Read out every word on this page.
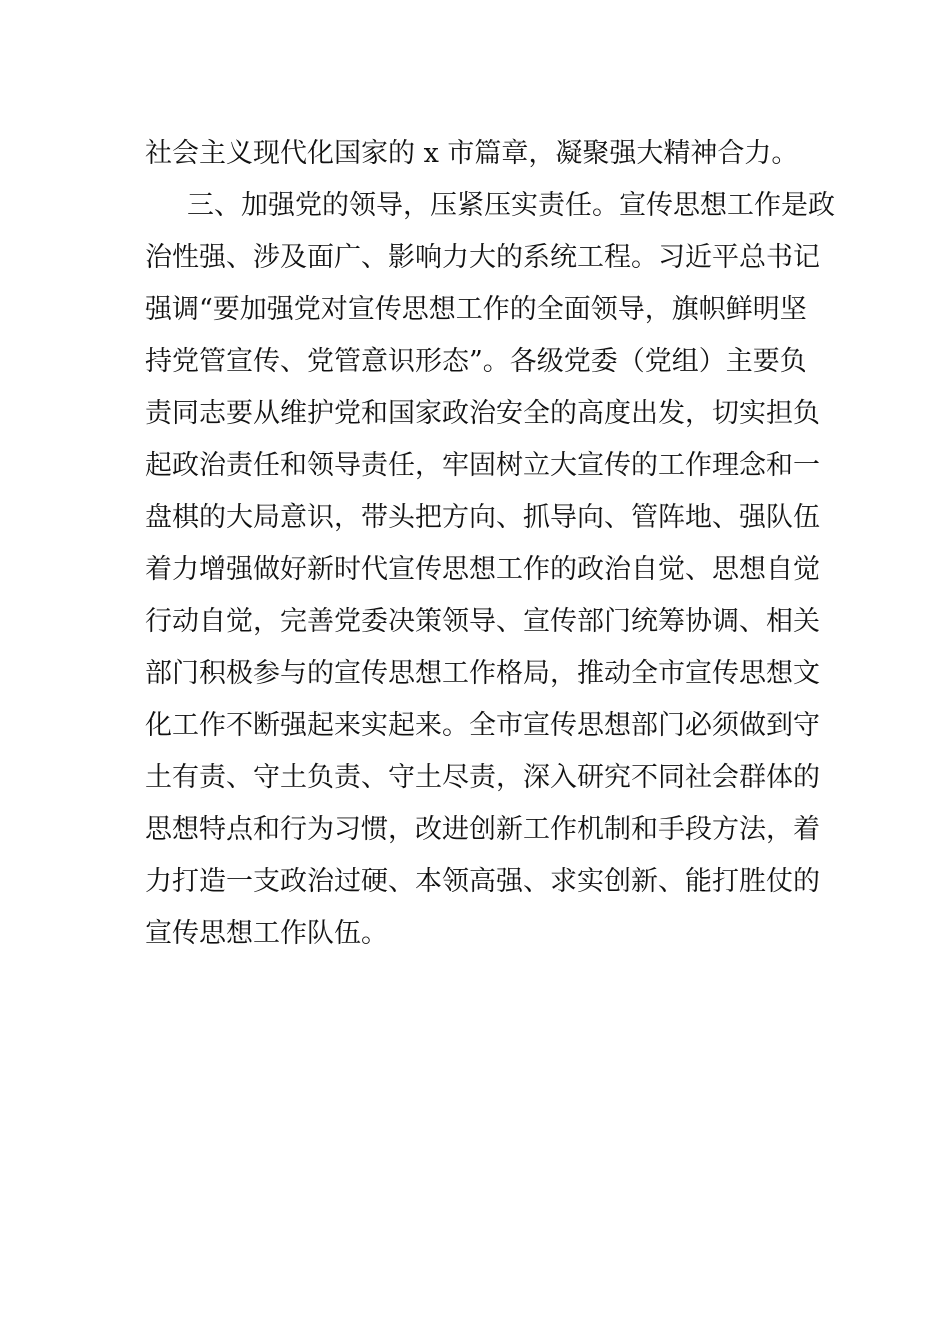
社会主义现代化国家的 x 市篇章，凝聚强大精神合力。
三、加强党的领导，压紧压实责任。宣传思想工作是政
治性强、涉及面广、影响力大的系统工程。习近平总书记
强调“要加强党对宣传思想工作的全面领导，旗帜鲜明坚
持党管宣传、党管意识形态”。各级党委（党组）主要负
责同志要从维护党和国家政治安全的高度出发，切实担负
起政治责任和领导责任，牢固树立大宣传的工作理念和一
盘棋的大局意识，带头把方向、抓导向、管阵地、强队伍
着力增强做好新时代宣传思想工作的政治自觉、思想自觉
行动自觉，完善党委决策领导、宣传部门统筹协调、相关
部门积极参与的宣传思想工作格局，推动全市宣传思想文
化工作不断强起来实起来。全市宣传思想部门必须做到守
土有责、守土负责、守土尽责，深入研究不同社会群体的
思想特点和行为习惯，改进创新工作机制和手段方法，着
力打造一支政治过硬、本领高强、求实创新、能打胜仗的
宣传思想工作队伍。
